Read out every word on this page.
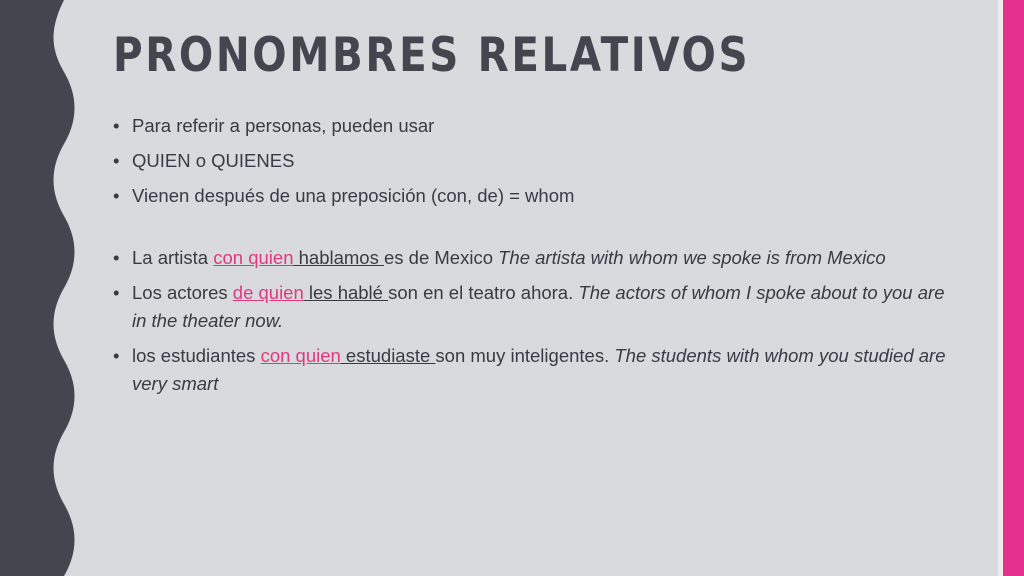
PRONOMBRES RELATIVOS
• Para referir a personas, pueden usar
• QUIEN o QUIENES
• Vienen después de una preposición (con, de) = whom
• La artista con quien hablamos es de Mexico The artista with whom we spoke is from Mexico
• Los actores de quien les hablé son en el teatro ahora. The actors of whom I spoke about to you are in the theater now.
• los estudiantes con quien estudiaste son muy inteligentes. The students with whom you studied are very smart
